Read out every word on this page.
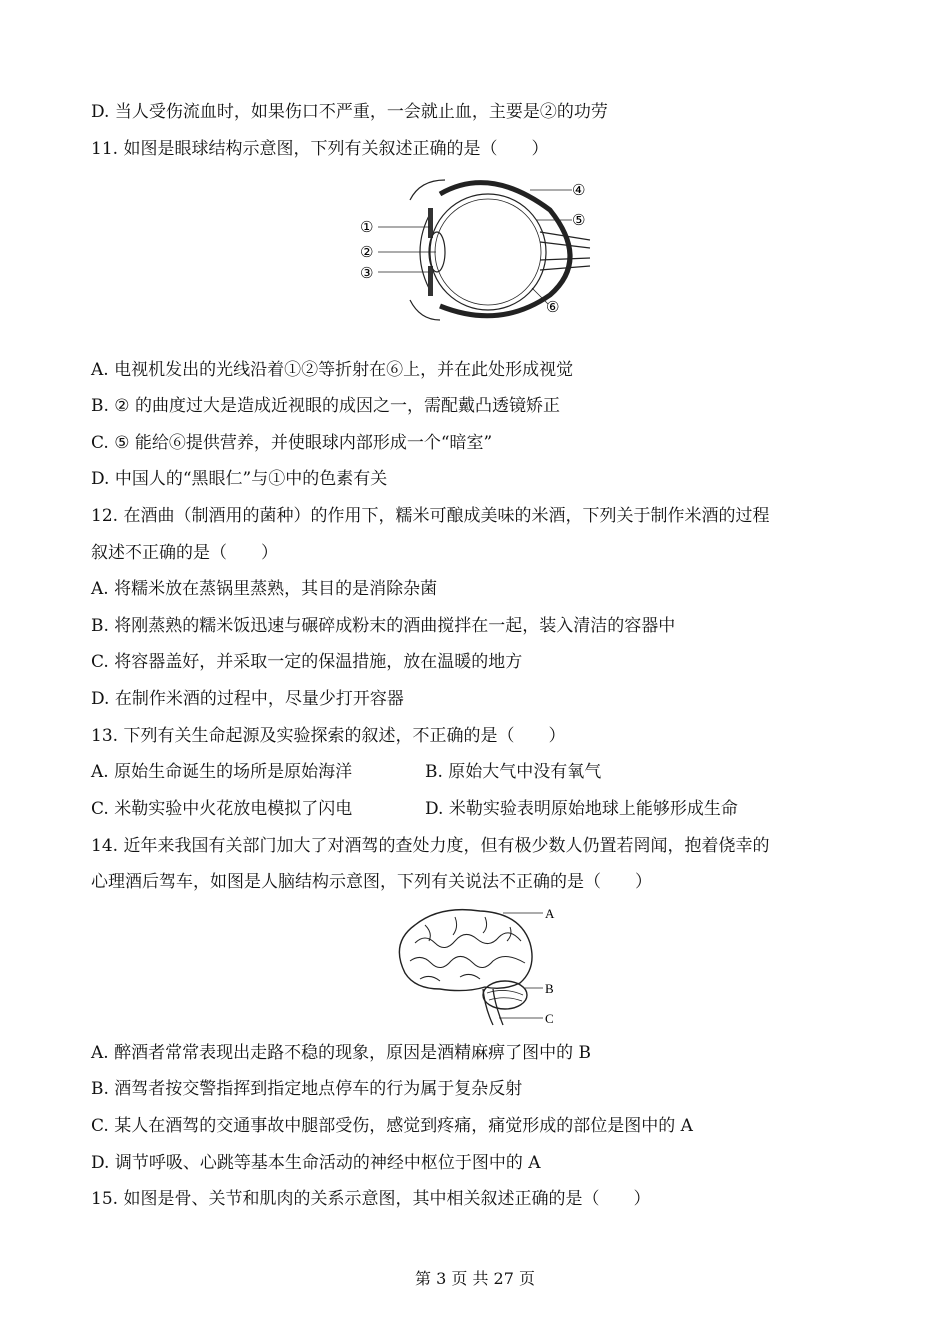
D. 当人受伤流血时，如果伤口不严重，一会就止血，主要是②的功劳
11. 如图是眼球结构示意图，下列有关叙述正确的是（　　）
①
②
③
④
⑤
⑥
A. 电视机发出的光线沿着①②等折射在⑥上，并在此处形成视觉
B. ② 的曲度过大是造成近视眼的成因之一，需配戴凸透镜矫正
C. ⑤ 能给⑥提供营养，并使眼球内部形成一个“暗室”
D. 中国人的“黑眼仁”与①中的色素有关
12. 在酒曲（制酒用的菌种）的作用下，糯米可酿成美味的米酒，下列关于制作米酒的过程
叙述不正确的是（　　）
A. 将糯米放在蒸锅里蒸熟，其目的是消除杂菌
B. 将刚蒸熟的糯米饭迅速与碾碎成粉末的酒曲搅拌在一起，装入清洁的容器中
C. 将容器盖好，并采取一定的保温措施，放在温暖的地方
D. 在制作米酒的过程中，尽量少打开容器
13. 下列有关生命起源及实验探索的叙述，不正确的是（　　）
A. 原始生命诞生的场所是原始海洋	B. 原始大气中没有氧气
C. 米勒实验中火花放电模拟了闪电	D. 米勒实验表明原始地球上能够形成生命
14. 近年来我国有关部门加大了对酒驾的查处力度，但有极少数人仍置若罔闻，抱着侥幸的
心理酒后驾车，如图是人脑结构示意图，下列有关说法不正确的是（　　）
A
B
C
A. 醉酒者常常表现出走路不稳的现象，原因是酒精麻痹了图中的 B
B. 酒驾者按交警指挥到指定地点停车的行为属于复杂反射
C. 某人在酒驾的交通事故中腿部受伤，感觉到疼痛，痛觉形成的部位是图中的 A
D. 调节呼吸、心跳等基本生命活动的神经中枢位于图中的 A
15. 如图是骨、关节和肌肉的关系示意图，其中相关叙述正确的是（　　）
第 3 页 共 27 页
